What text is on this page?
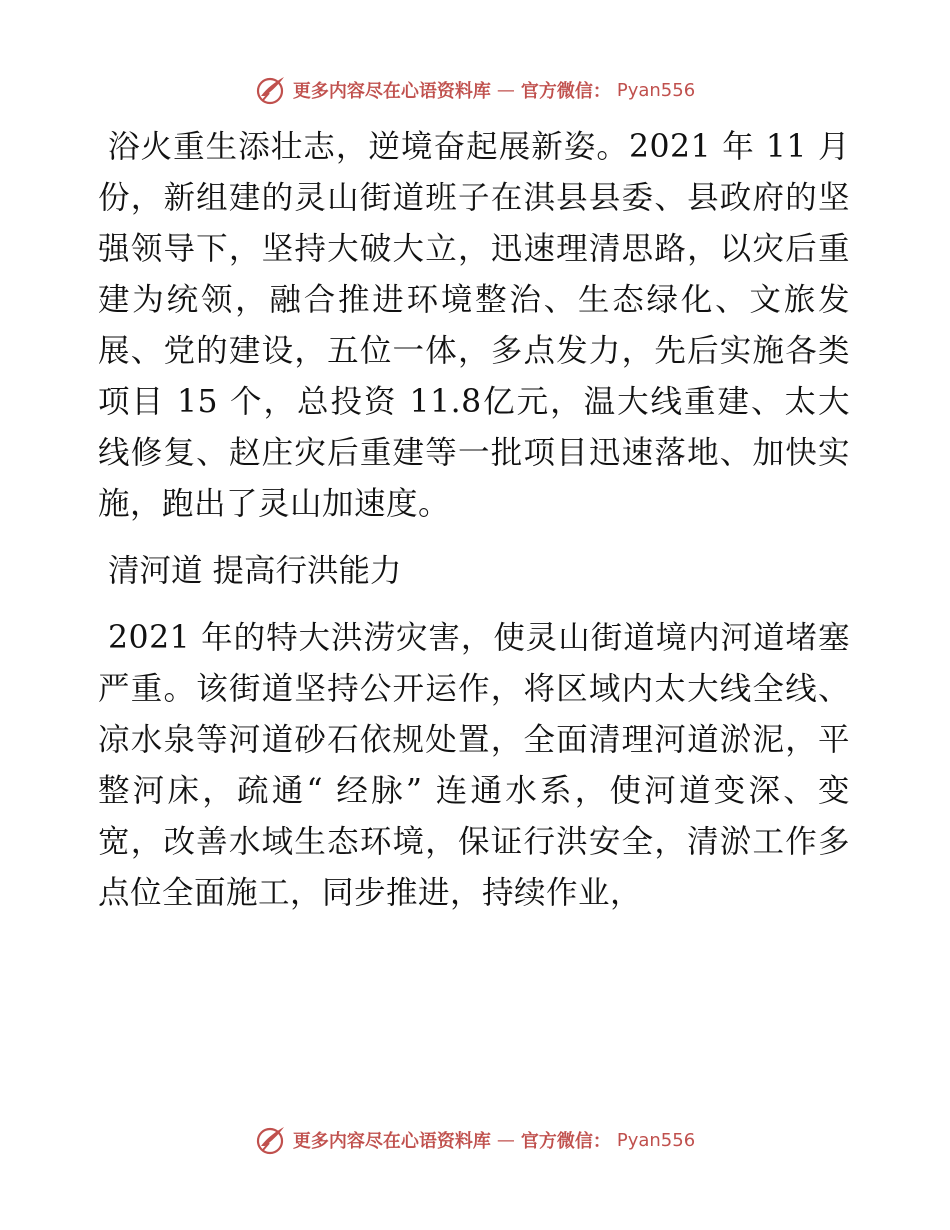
更多内容尽在心语资料库 — 官方微信： Pyan556

浴火重生添壮志，逆境奋起展新姿。2021 年 11 月份，新组建的灵山街道班子在淇县县委、县政府的坚强领导下，坚持大破大立，迅速理清思路，以灾后重建为统领，融合推进环境整治、生态绿化、文旅发展、党的建设，五位一体，多点发力，先后实施各类项目 15 个，总投资 11.8亿元，温大线重建、太大线修复、赵庄灾后重建等一批项目迅速落地、加快实施，跑出了灵山加速度。

清河道 提高行洪能力

2021 年的特大洪涝灾害，使灵山街道境内河道堵塞严重。该街道坚持公开运作，将区域内太大线全线、凉水泉等河道砂石依规处置，全面清理河道淤泥，平整河床，疏通“ 经脉” 连通水系，使河道变深、变宽，改善水域生态环境，保证行洪安全，清淤工作多点位全面施工，同步推进，持续作业，

更多内容尽在心语资料库 — 官方微信： Pyan556
